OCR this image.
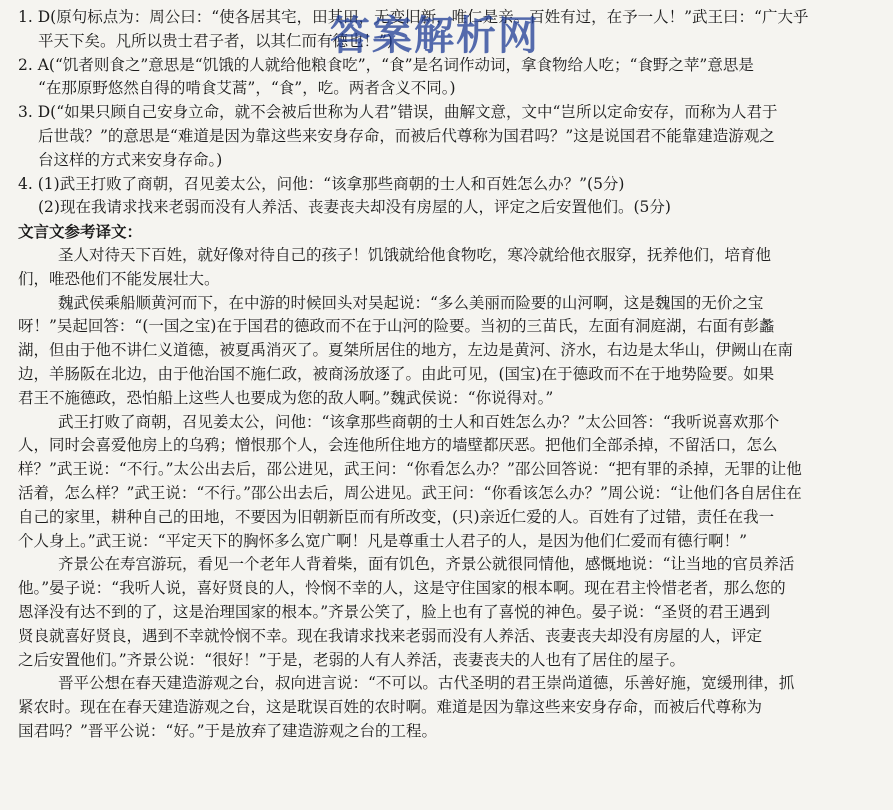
1. D(原句标点为：周公曰：“使各居其宅，田其田，无变旧新，唯仁是亲。百姓有过，在予一人！”武王曰：“广大乎
平天下矣。凡所以贵士君子者，以其仁而有德也！”)
2. A(“饥者则食之”意思是“饥饿的人就给他粮食吃”，“食”是名词作动词，拿食物给人吃；“食野之苹”意思是
“在那原野悠然自得的啃食艾蒿”，“食”，吃。两者含义不同。)
3. D(“如果只顾自己安身立命，就不会被后世称为人君”错误，曲解文意，文中“岂所以定命安存，而称为人君于
后世哉？”的意思是“难道是因为靠这些来安身存命，而被后代尊称为国君吗？”这是说国君不能靠建造游观之
台这样的方式来安身存命。)
4. (1)武王打败了商朝，召见姜太公，问他：“该拿那些商朝的士人和百姓怎么办？”(5分)
(2)现在我请求找来老弱而没有人养活、丧妻丧夫却没有房屋的人，评定之后安置他们。(5分)
文言文参考译文：
圣人对待天下百姓，就好像对待自己的孩子！饥饿就给他食物吃，寒冷就给他衣服穿，抚养他们，培育他
们，唯恐他们不能发展壮大。
魏武侯乘船顺黄河而下，在中游的时候回头对吴起说：“多么美丽而险要的山河啊，这是魏国的无价之宝
呀！”吴起回答：“(一国之宝)在于国君的德政而不在于山河的险要。当初的三苗氏，左面有洞庭湖，右面有彭蠡
湖，但由于他不讲仁义道德，被夏禹消灭了。夏桀所居住的地方，左边是黄河、济水，右边是太华山，伊阙山在南
边，羊肠阪在北边，由于他治国不施仁政，被商汤放逐了。由此可见，(国宝)在于德政而不在于地势险要。如果
君王不施德政，恐怕船上这些人也要成为您的敌人啊。”魏武侯说：“你说得对。”
武王打败了商朝，召见姜太公，问他：“该拿那些商朝的士人和百姓怎么办？”太公回答：“我听说喜欢那个
人，同时会喜爱他房上的乌鸦；憎恨那个人，会连他所住地方的墙壁都厌恶。把他们全部杀掉，不留活口，怎么
样？”武王说：“不行。”太公出去后，邵公进见，武王问：“你看怎么办？”邵公回答说：“把有罪的杀掉，无罪的让他
活着，怎么样？”武王说：“不行。”邵公出去后，周公进见。武王问：“你看该怎么办？”周公说：“让他们各自居住在
自己的家里，耕种自己的田地，不要因为旧朝新臣而有所改变，(只)亲近仁爱的人。百姓有了过错，责任在我一
个人身上。”武王说：“平定天下的胸怀多么宽广啊！凡是尊重士人君子的人，是因为他们仁爱而有德行啊！”
齐景公在寿宫游玩，看见一个老年人背着柴，面有饥色，齐景公就很同情他，感慨地说：“让当地的官员养活
他。”晏子说：“我听人说，喜好贤良的人，怜悯不幸的人，这是守住国家的根本啊。现在君主怜惜老者，那么您的
恩泽没有达不到的了，这是治理国家的根本。”齐景公笑了，脸上也有了喜悦的神色。晏子说：“圣贤的君王遇到
贤良就喜好贤良，遇到不幸就怜悯不幸。现在我请求找来老弱而没有人养活、丧妻丧夫却没有房屋的人，评定
之后安置他们。”齐景公说：“很好！”于是，老弱的人有人养活，丧妻丧夫的人也有了居住的屋子。
晋平公想在春天建造游观之台，叔向进言说：“不可以。古代圣明的君王崇尚道德，乐善好施，宽缓刑律，抓
紧农时。现在在春天建造游观之台，这是耽误百姓的农时啊。难道是因为靠这些来安身存命，而被后代尊称为
国君吗？”晋平公说：“好。”于是放弃了建造游观之台的工程。
答案解析网
